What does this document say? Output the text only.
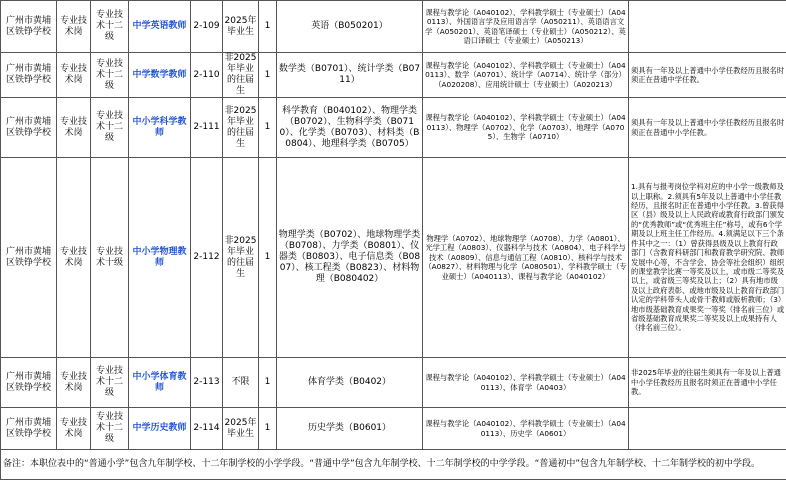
广州市黄埔区铁铮学校	专业技术岗	专业技术十二级	中学英语教师	2-109	2025年毕业生	1	英语（B050201）	课程与教学论（A040102）、学科教学硕士（专业硕士）（A040113）、外国语言学及应用语言学（A050211）、英语语言文学（A050201）、英语笔译硕士（专业硕士）（A050212）、英语口译硕士（专业硕士）（A050213）	
广州市黄埔区铁铮学校	专业技术岗	专业技术十二级	中学数学教师	2-110	非2025年毕业的往届生	1	数学类（B0701）、统计学类（B0711）	课程与教学论（A040102）、学科教学硕士（专业硕士）（A040113）、数学（A0701）、统计学（A0714）、统计学（部分）（A020208）、应用统计硕士（专业硕士）（A020213）	须具有一年及以上普通中小学任教经历且报名时须正在普通中学任教。
广州市黄埔区铁铮学校	专业技术岗	专业技术十二级	中小学科学教师	2-111	非2025年毕业的往届生	1	科学教育（B040102）、物理学类（B0702）、生物科学类（B0710）、化学类（B0703）、材料类（B0804）、地理科学类（B0705）	课程与教学论（A040102）、学科教学硕士（专业硕士）（A040113）、物理学（A0702）、化学（A0703）、地理学（A0705）、生物学（A0710）	须具有一年及以上普通中小学任教经历且报名时须正在普通中小学任教。
广州市黄埔区铁铮学校	专业技术岗	专业技术十级	中小学物理教师	2-112	非2025年毕业的往届生	1	物理学类（B0702）、地球物理学类（B0708）、力学类（B0801）、仪器类（B0803）、电子信息类（B0807）、核工程类（B0823）、材料物理（B080402）	物理学（A0702）、地球物理学（A0708）、力学（A0801）、光学工程（A0803）、仪器科学与技术（A0804）、电子科学与技术（A0809）、信息与通信工程（A0810）、核科学与技术（A0827）、材料物理与化学（A080501）、学科教学硕士（专业硕士）（A040113）、课程与教学论（A040102）	1.具有与报考岗位学科对应的中小学一级教师及以上职称。2.须具有5年及以上普通中小学任教经历，且报名时正在普通中小学任教。3.曾获得区（县）级及以上人民政府或教育行政部门颁发的“优秀教师”或“优秀班主任”称号，或有6个学期及以上班主任工作经历。4.须满足以下三个条件其中之一：（1）曾获得县级及以上教育行政部门（含教育科研部门和教育教学研究院、教师发展中心等，不含学会、协会等社会组织）组织的课堂教学比赛一等奖及以上，或市级二等奖及以上，或省级三等奖及以上；（2）具有地市级及以上政府表彰、或地市级及以上教育行政部门认定的学科带头人或骨干教师或版析教师；（3）地市级基础教育成果奖一等奖（排名前三位）或省级基础教育成果奖二等奖及以上成果持有人（排名前三位）。
广州市黄埔区铁铮学校	专业技术岗	专业技术十二级	中小学体育教师	2-113	不限	1	体育学类（B0402）	课程与教学论（A040102）、学科教学硕士（专业硕士）（A040113）、体育学（A0403）	非2025年毕业的往届生须具有一年及以上普通中小学任教经历且报名时须正在普通中小学任教。
广州市黄埔区铁铮学校	专业技术岗	专业技术十二级	中学历史教师	2-114	2025年毕业生	1	历史学类（B0601）	课程与教学论（A040102）、学科教学硕士（专业硕士）（A040113）、历史学（A0601）	
备注：本职位表中的“普通小学”包含九年制学校、十二年制学校的小学学段。“普通中学”包含九年制学校、十二年制学校的中学学段。“普通初中”包含九年制学校、十二年制学校的初中学段。									
